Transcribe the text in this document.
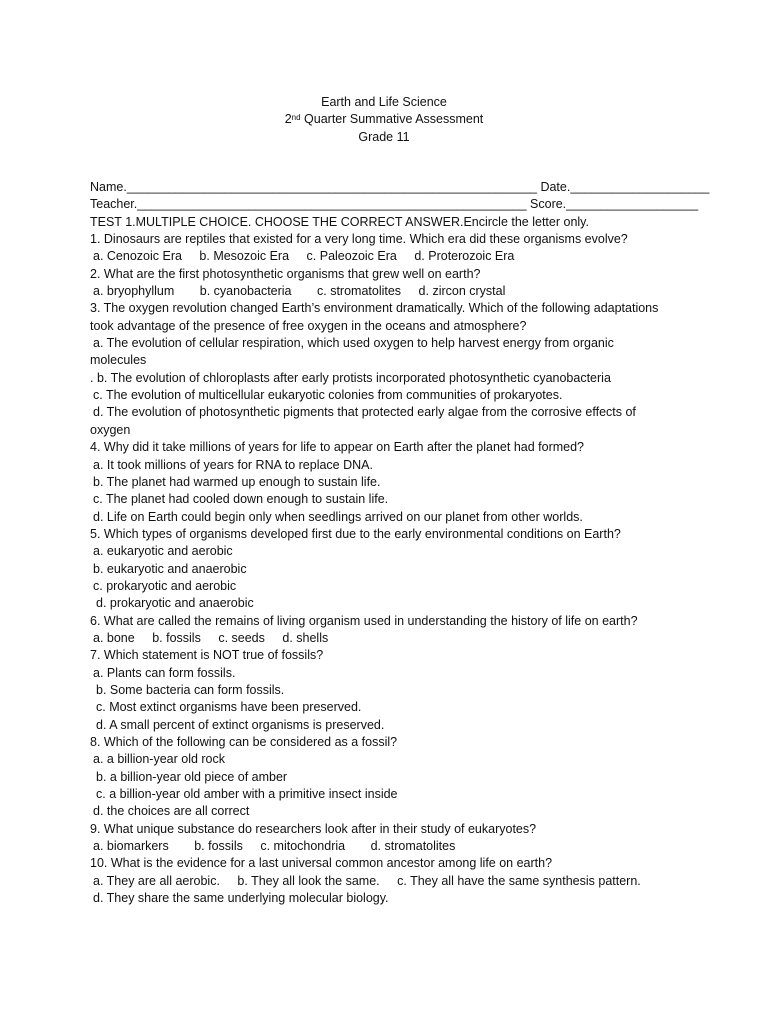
Earth and Life Science
2nd Quarter Summative Assessment
Grade 11
Name.___________________________________________________________ Date.____________________
Teacher.________________________________________________________ Score.___________________
TEST 1.MULTIPLE CHOICE. CHOOSE THE CORRECT ANSWER.Encircle the letter only.
1. Dinosaurs are reptiles that existed for a very long time. Which era did these organisms evolve?
a. Cenozoic Era b. Mesozoic Era c. Paleozoic Era d. Proterozoic Era
2. What are the first photosynthetic organisms that grew well on earth?
a. bryophyllum b. cyanobacteria c. stromatolites d. zircon crystal
3. The oxygen revolution changed Earth’s environment dramatically. Which of the following adaptations
took advantage of the presence of free oxygen in the oceans and atmosphere?
a. The evolution of cellular respiration, which used oxygen to help harvest energy from organic
molecules
. b. The evolution of chloroplasts after early protists incorporated photosynthetic cyanobacteria
c. The evolution of multicellular eukaryotic colonies from communities of prokaryotes.
d. The evolution of photosynthetic pigments that protected early algae from the corrosive effects of
oxygen
4. Why did it take millions of years for life to appear on Earth after the planet had formed?
a. It took millions of years for RNA to replace DNA.
b. The planet had warmed up enough to sustain life.
c. The planet had cooled down enough to sustain life.
d. Life on Earth could begin only when seedlings arrived on our planet from other worlds.
5. Which types of organisms developed first due to the early environmental conditions on Earth?
a. eukaryotic and aerobic
b. eukaryotic and anaerobic
c. prokaryotic and aerobic
d. prokaryotic and anaerobic
6. What are called the remains of living organism used in understanding the history of life on earth?
a. bone b. fossils c. seeds d. shells
7. Which statement is NOT true of fossils?
a. Plants can form fossils.
b. Some bacteria can form fossils.
c. Most extinct organisms have been preserved.
d. A small percent of extinct organisms is preserved.
8. Which of the following can be considered as a fossil?
a. a billion-year old rock
b. a billion-year old piece of amber
c. a billion-year old amber with a primitive insect inside
d. the choices are all correct
9. What unique substance do researchers look after in their study of eukaryotes?
a. biomarkers b. fossils c. mitochondria d. stromatolites
10. What is the evidence for a last universal common ancestor among life on earth?
a. They are all aerobic. b. They all look the same. c. They all have the same synthesis pattern.
d. They share the same underlying molecular biology.
